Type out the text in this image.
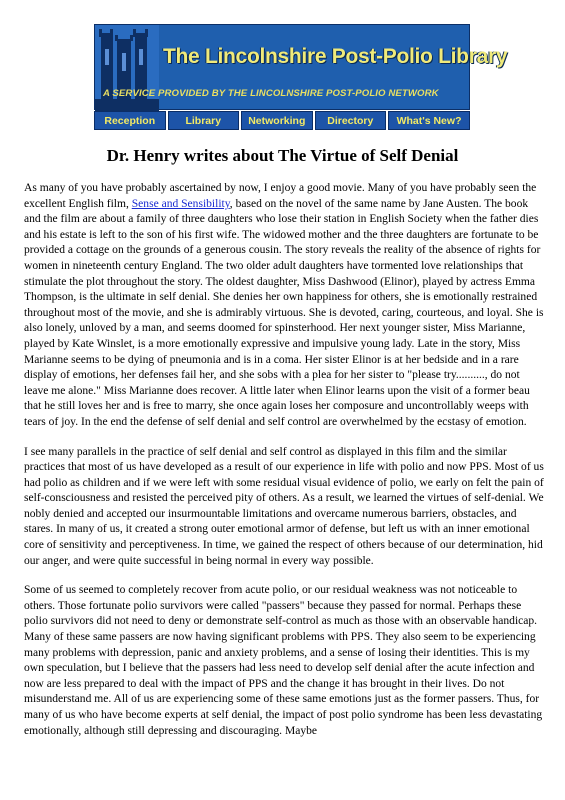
The Lincolnshire Post-Polio Library
A SERVICE PROVIDED BY THE LINCOLNSHIRE POST-POLIO NETWORK
Reception	Library	Networking	Directory	What's New?
Dr. Henry writes about The Virtue of Self Denial

As many of you have probably ascertained by now, I enjoy a good movie. Many of you have probably seen the excellent English film, Sense and Sensibility, based on the novel of the same name by Jane Austen. The book and the film are about a family of three daughters who lose their station in English Society when the father dies and his estate is left to the son of his first wife. The widowed mother and the three daughters are fortunate to be provided a cottage on the grounds of a generous cousin. The story reveals the reality of the absence of rights for women in nineteenth century England. The two older adult daughters have tormented love relationships that stimulate the plot throughout the story. The oldest daughter, Miss Dashwood (Elinor), played by actress Emma Thompson, is the ultimate in self denial. She denies her own happiness for others, she is emotionally restrained throughout most of the movie, and she is admirably virtuous. She is devoted, caring, courteous, and loyal. She is also lonely, unloved by a man, and seems doomed for spinsterhood. Her next younger sister, Miss Marianne, played by Kate Winslet, is a more emotionally expressive and impulsive young lady. Late in the story, Miss Marianne seems to be dying of pneumonia and is in a coma. Her sister Elinor is at her bedside and in a rare display of emotions, her defenses fail her, and she sobs with a plea for her sister to "please try.........., do not leave me alone." Miss Marianne does recover. A little later when Elinor learns upon the visit of a former beau that he still loves her and is free to marry, she once again loses her composure and uncontrollably weeps with tears of joy. In the end the defense of self denial and self control are overwhelmed by the ecstasy of emotion.

I see many parallels in the practice of self denial and self control as displayed in this film and the similar practices that most of us have developed as a result of our experience in life with polio and now PPS. Most of us had polio as children and if we were left with some residual visual evidence of polio, we early on felt the pain of self-consciousness and resisted the perceived pity of others. As a result, we learned the virtues of self-denial. We nobly denied and accepted our insurmountable limitations and overcame numerous barriers, obstacles, and stares. In many of us, it created a strong outer emotional armor of defense, but left us with an inner emotional core of sensitivity and perceptiveness. In time, we gained the respect of others because of our determination, hid our anger, and were quite successful in being normal in every way possible.

Some of us seemed to completely recover from acute polio, or our residual weakness was not noticeable to others. Those fortunate polio survivors were called "passers" because they passed for normal. Perhaps these polio survivors did not need to deny or demonstrate self-control as much as those with an observable handicap. Many of these same passers are now having significant problems with PPS. They also seem to be experiencing many problems with depression, panic and anxiety problems, and a sense of losing their identities. This is my own speculation, but I believe that the passers had less need to develop self denial after the acute infection and now are less prepared to deal with the impact of PPS and the change it has brought in their lives. Do not misunderstand me. All of us are experiencing some of these same emotions just as the former passers. Thus, for many of us who have become experts at self denial, the impact of post polio syndrome has been less devastating emotionally, although still depressing and discouraging. Maybe
